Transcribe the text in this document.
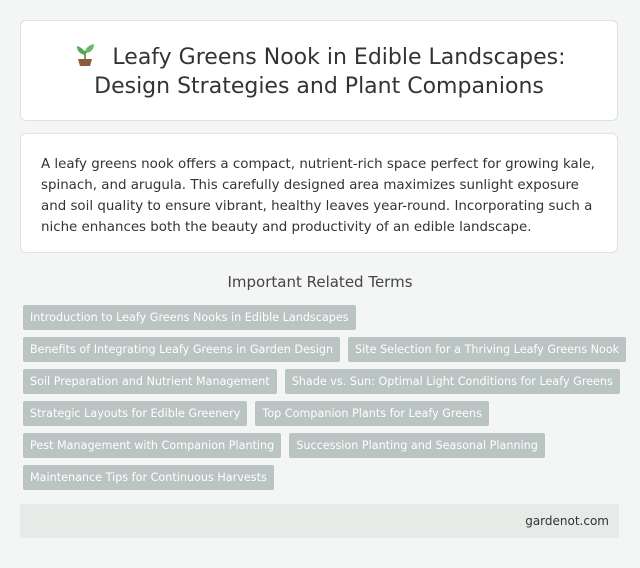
Leafy Greens Nook in Edible Landscapes: Design Strategies and Plant Companions

A leafy greens nook offers a compact, nutrient-rich space perfect for growing kale, spinach, and arugula. This carefully designed area maximizes sunlight exposure and soil quality to ensure vibrant, healthy leaves year-round. Incorporating such a niche enhances both the beauty and productivity of an edible landscape.

Important Related Terms
Introduction to Leafy Greens Nooks in Edible Landscapes
Benefits of Integrating Leafy Greens in Garden Design	Site Selection for a Thriving Leafy Greens Nook
Soil Preparation and Nutrient Management	Shade vs. Sun: Optimal Light Conditions for Leafy Greens
Strategic Layouts for Edible Greenery	Top Companion Plants for Leafy Greens
Pest Management with Companion Planting	Succession Planting and Seasonal Planning
Maintenance Tips for Continuous Harvests
gardenot.com
